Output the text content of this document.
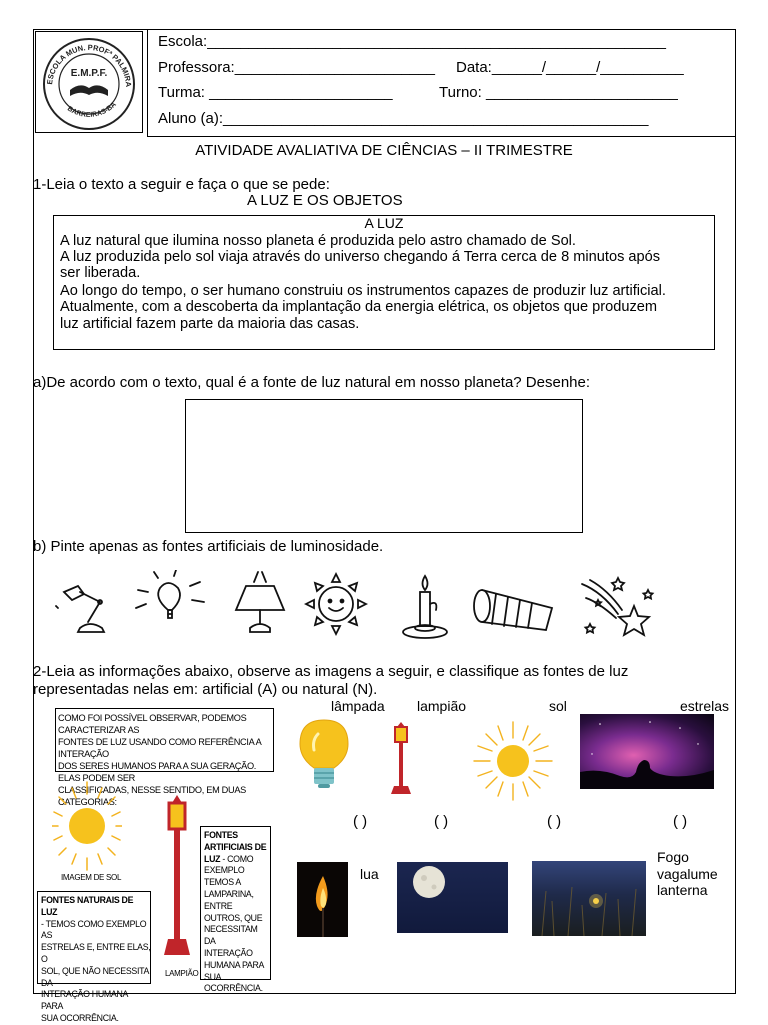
ESCOLA MUN. PROFª PALMIRA
BARREIRAS-BA
E.M.P.F.
Escola:_______________________________________________________
Professora:________________________ Data:______/______/__________
Turma: ______________________	Turno: _______________________
Aluno (a):___________________________________________________
ATIVIDADE AVALIATIVA DE CIÊNCIAS – II TRIMESTRE
1-Leia o texto a seguir e faça o que se pede:
A LUZ E OS OBJETOS
A LUZ
A luz natural que ilumina nosso planeta é produzida pelo astro chamado de Sol.
A luz produzida pelo sol viaja através do universo chegando á Terra cerca de 8 minutos após
ser liberada.
Ao longo do tempo, o ser humano construiu os instrumentos capazes de produzir luz artificial.
Atualmente, com a descoberta da implantação da energia elétrica, os objetos que produzem
luz artificial fazem parte da maioria das casas.
a)De acordo com o texto, qual é a fonte de luz natural em nosso planeta? Desenhe:
b) Pinte apenas as fontes artificiais de luminosidade.
2-Leia as informações abaixo, observe as imagens a seguir, e classifique as fontes de luz
representadas nelas em: artificial (A) ou natural (N).
lâmpada lampião	sol	estrelas
COMO FOI POSSÍVEL OBSERVAR, PODEMOS CARACTERIZAR AS
FONTES DE LUZ USANDO COMO REFERÊNCIA A INTERAÇÃO
DOS SERES HUMANOS PARA A SUA GERAÇÃO. ELAS PODEM SER
CLASSIFICADAS, NESSE SENTIDO, EM DUAS CATEGORIAS:
IMAGEM DE SOL
LAMPIÃO
FONTES
ARTIFICIAIS DE
LUZ - COMO
EXEMPLO TEMOS A
LAMPARINA, ENTRE
OUTROS, QUE
NECESSITAM DA
INTERAÇÃO
HUMANA PARA
SUA OCORRÊNCIA.
FONTES NATURAIS DE LUZ
- TEMOS COMO EXEMPLO AS
ESTRELAS E, ENTRE ELAS, O
SOL, QUE NÃO NECESSITA DA
INTERAÇÃO HUMANA PARA
SUA OCORRÊNCIA.
( )	( )	( )	( )
lua
Fogo
vagalume
lanterna
